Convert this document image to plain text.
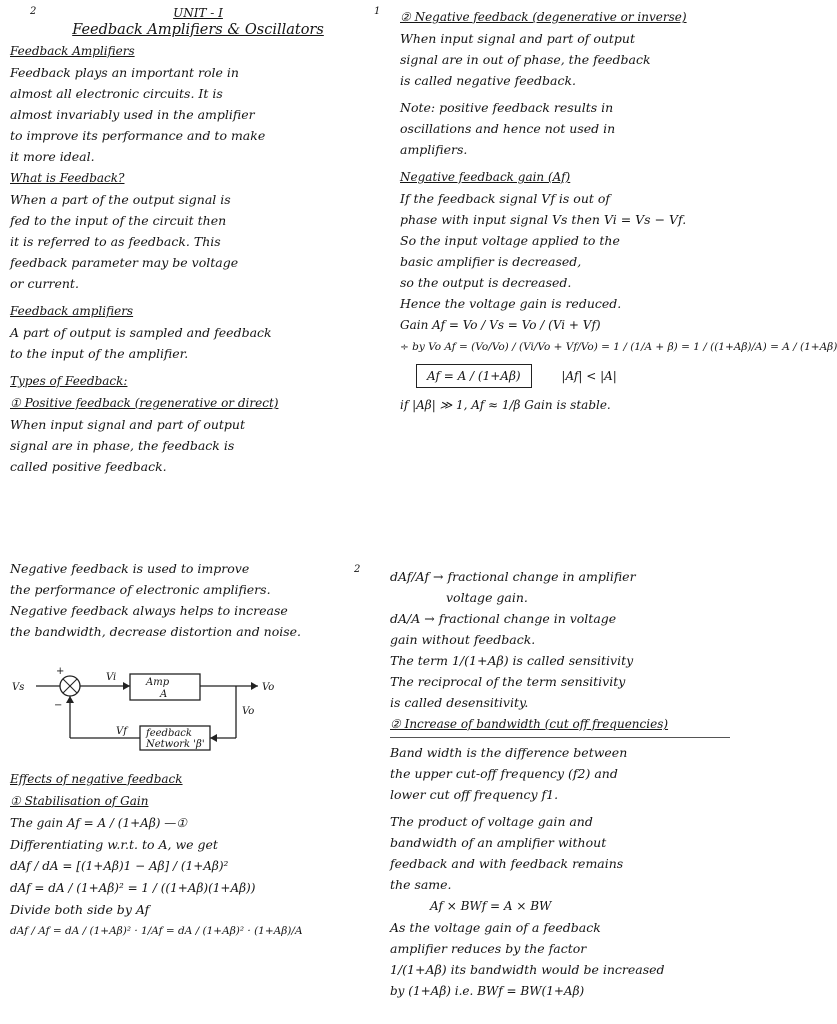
2	1
2
UNIT - I
Feedback Amplifiers & Oscillators

Feedback Amplifiers

Feedback plays an important role in

almost all electronic circuits. It is

almost invariably used in the amplifier

to improve its performance and to make

it more ideal.

What is Feedback?

When a part of the output signal is

fed to the input of the circuit then

it is referred to as feedback. This

feedback parameter may be voltage

or current.

Feedback amplifiers

A part of output is sampled and feedback

to the input of the amplifier.

Types of Feedback:

① Positive feedback (regenerative or direct)

When input signal and part of output

signal are in phase, the feedback is

called positive feedback.

② Negative feedback (degenerative or inverse)

When input signal and part of output

signal are in out of phase, the feedback

is called negative feedback.

Note: positive feedback results in

oscillations and hence not used in

amplifiers.

Negative feedback gain (Af)

If the feedback signal Vf is out of

phase with input signal Vs then Vi = Vs − Vf.

So the input voltage applied to the

basic amplifier is decreased,

so the output is decreased.

Hence the voltage gain is reduced.

Gain Af = Vo / Vs = Vo / (Vi + Vf)
÷ by Vo Af = (Vo/Vo) / (Vi/Vo + Vf/Vo) = 1 / (1/A + β) = 1 / ((1+Aβ)/A) = A / (1+Aβ)
Af = A / (1+Aβ)	|Af| < |A|
if |Aβ| ≫ 1, Af ≈ 1/β Gain is stable.

Negative feedback is used to improve

the performance of electronic amplifiers.

Negative feedback always helps to increase

the bandwidth, decrease distortion and noise.

Vs
+
−
Vi	Amp
A
Vo
Vo
Vf feedback
Network 'β'

Effects of negative feedback

① Stabilisation of Gain

The gain Af = A / (1+Aβ) —①

Differentiating w.r.t. to A, we get

dAf / dA = [(1+Aβ)1 − Aβ] / (1+Aβ)²
dAf = dA / (1+Aβ)² = 1 / ((1+Aβ)(1+Aβ))

Divide both side by Af

dAf / Af = dA / (1+Aβ)² · 1/Af = dA / (1+Aβ)² · (1+Aβ)/A

dAf/Af → fractional change in amplifier

voltage gain.

dA/A → fractional change in voltage

gain without feedback.

The term 1/(1+Aβ) is called sensitivity

The reciprocal of the term sensitivity

is called desensitivity.

② Increase of bandwidth (cut off frequencies)

Band width is the difference between

the upper cut-off frequency (f2) and

lower cut off frequency f1.

The product of voltage gain and

bandwidth of an amplifier without

feedback and with feedback remains

the same.

Af × BWf = A × BW

As the voltage gain of a feedback

amplifier reduces by the factor

1/(1+Aβ) its bandwidth would be increased

by (1+Aβ) i.e. BWf = BW(1+Aβ)
